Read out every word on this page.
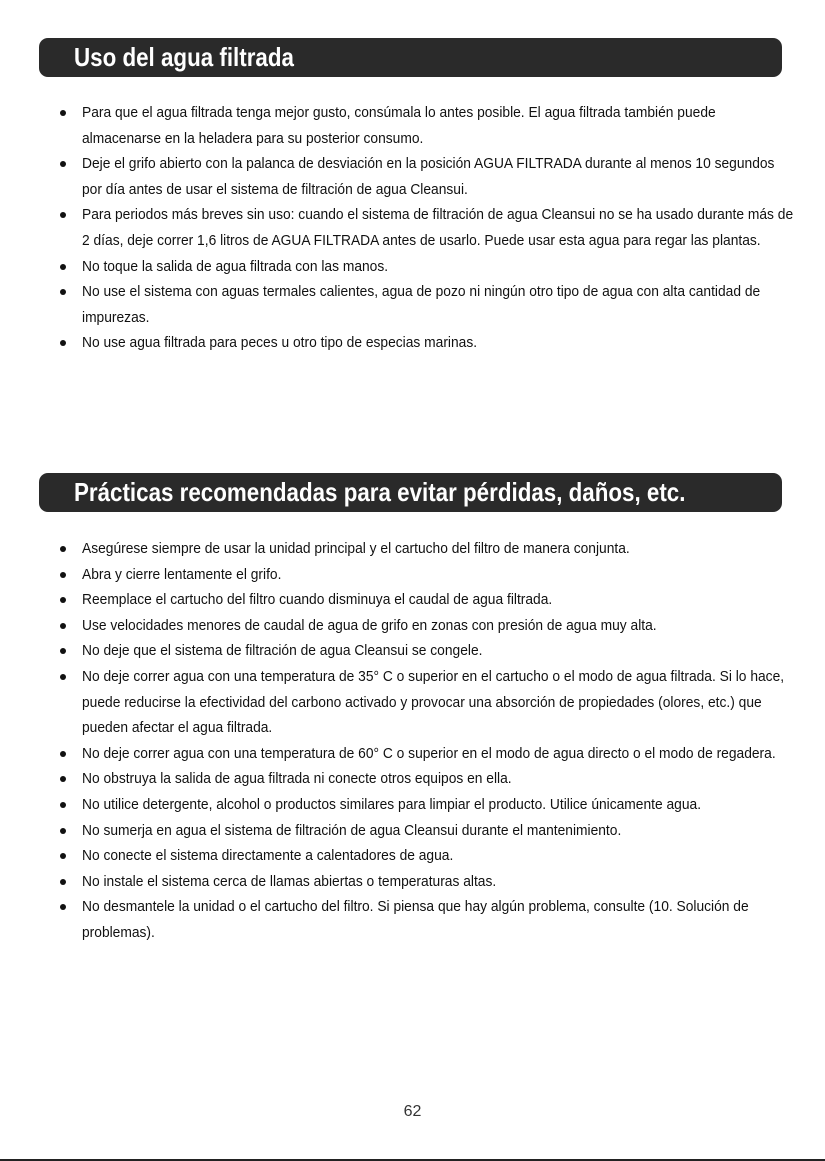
Uso del agua filtrada
Para que el agua filtrada tenga mejor gusto, consúmala lo antes posible. El agua filtrada también puede almacenarse en la heladera para su posterior consumo.
Deje el grifo abierto con la palanca de desviación en la posición AGUA FILTRADA durante al menos 10 segundos por día antes de usar el sistema de filtración de agua Cleansui.
Para periodos más breves sin uso: cuando el sistema de filtración de agua Cleansui no se ha usado durante más de 2 días, deje correr 1,6 litros de AGUA FILTRADA antes de usarlo. Puede usar esta agua para regar las plantas.
No toque la salida de agua filtrada con las manos.
No use el sistema con aguas termales calientes, agua de pozo ni ningún otro tipo de agua con alta cantidad de impurezas.
No use agua filtrada para peces u otro tipo de especias marinas.
Prácticas recomendadas para evitar pérdidas, daños, etc.
Asegúrese siempre de usar la unidad principal y el cartucho del filtro de manera conjunta.
Abra y cierre lentamente el grifo.
Reemplace el cartucho del filtro cuando disminuya el caudal de agua filtrada.
Use velocidades menores de caudal de agua de grifo en zonas con presión de agua muy alta.
No deje que el sistema de filtración de agua Cleansui se congele.
No deje correr agua con una temperatura de 35° C o superior en el cartucho o el modo de agua filtrada. Si lo hace, puede reducirse la efectividad del carbono activado y provocar una absorción de propiedades (olores, etc.) que pueden afectar el agua filtrada.
No deje correr agua con una temperatura de 60° C o superior en el modo de agua directo o el modo de regadera.
No obstruya la salida de agua filtrada ni conecte otros equipos en ella.
No utilice detergente, alcohol o productos similares para limpiar el producto. Utilice únicamente agua.
No sumerja en agua el sistema de filtración de agua Cleansui durante el mantenimiento.
No conecte el sistema directamente a calentadores de agua.
No instale el sistema cerca de llamas abiertas o temperaturas altas.
No desmantele la unidad o el cartucho del filtro. Si piensa que hay algún problema, consulte (10. Solución de problemas).
62
